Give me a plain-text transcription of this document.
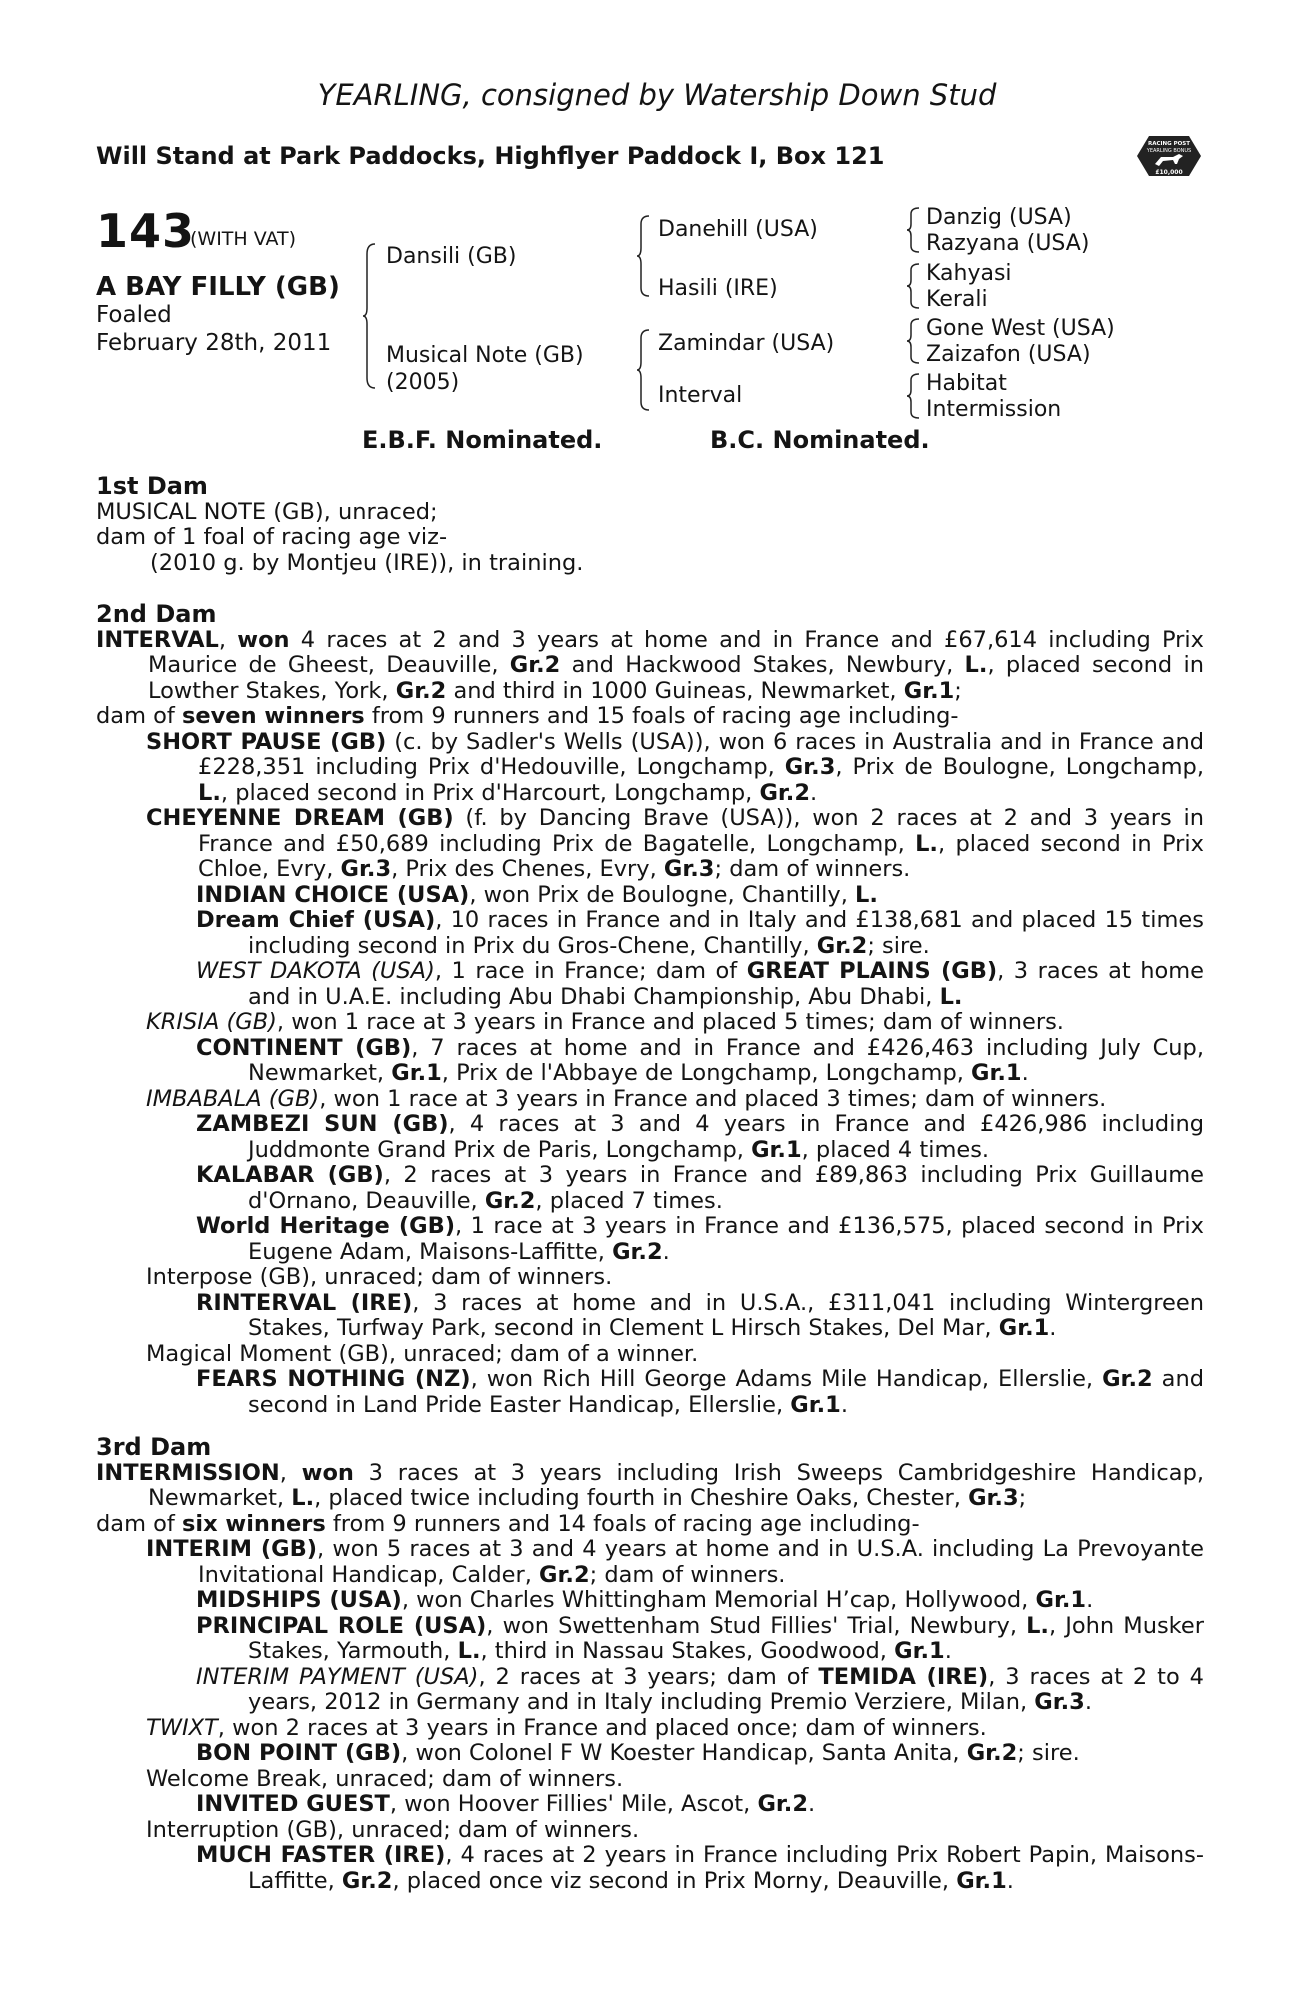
YEARLING, consigned by Watership Down Stud
Will Stand at Park Paddocks, Highflyer Paddock I, Box 121	RACING POST
YEARLING BONUS
£10,000
143
(WITH VAT)
A BAY FILLY (GB)
Foaled
February 28th, 2011
Dansili (GB)
Musical Note (GB)
(2005)
Danehill (USA)
Hasili (IRE)
Zamindar (USA)
Interval
Danzig (USA)
Razyana (USA)
Kahyasi
Kerali
Gone West (USA)
Zaizafon (USA)
Habitat
Intermission
E.B.F. Nominated.	B.C. Nominated.

1st Dam

MUSICAL NOTE (GB), unraced;

dam of 1 foal of racing age viz-

(2010 g. by Montjeu (IRE)), in training.

2nd Dam

INTERVAL, won 4 races at 2 and 3 years at home and in France and £67,614 including Prix Maurice de Gheest, Deauville, Gr.2 and Hackwood Stakes, Newbury, L., placed second in Lowther Stakes, York, Gr.2 and third in 1000 Guineas, Newmarket, Gr.1;

dam of seven winners from 9 runners and 15 foals of racing age including-

SHORT PAUSE (GB) (c. by Sadler's Wells (USA)), won 6 races in Australia and in France and £228,351 including Prix d'Hedouville, Longchamp, Gr.3, Prix de Boulogne, Longchamp, L., placed second in Prix d'Harcourt, Longchamp, Gr.2.

CHEYENNE DREAM (GB) (f. by Dancing Brave (USA)), won 2 races at 2 and 3 years in France and £50,689 including Prix de Bagatelle, Longchamp, L., placed second in Prix Chloe, Evry, Gr.3, Prix des Chenes, Evry, Gr.3; dam of winners.

INDIAN CHOICE (USA), won Prix de Boulogne, Chantilly, L.

Dream Chief (USA), 10 races in France and in Italy and £138,681 and placed 15 times including second in Prix du Gros-Chene, Chantilly, Gr.2; sire.

WEST DAKOTA (USA), 1 race in France; dam of GREAT PLAINS (GB), 3 races at home and in U.A.E. including Abu Dhabi Championship, Abu Dhabi, L.

KRISIA (GB), won 1 race at 3 years in France and placed 5 times; dam of winners.

CONTINENT (GB), 7 races at home and in France and £426,463 including July Cup, Newmarket, Gr.1, Prix de l'Abbaye de Longchamp, Longchamp, Gr.1.

IMBABALA (GB), won 1 race at 3 years in France and placed 3 times; dam of winners.

ZAMBEZI SUN (GB), 4 races at 3 and 4 years in France and £426,986 including Juddmonte Grand Prix de Paris, Longchamp, Gr.1, placed 4 times.

KALABAR (GB), 2 races at 3 years in France and £89,863 including Prix Guillaume d'Ornano, Deauville, Gr.2, placed 7 times.

World Heritage (GB), 1 race at 3 years in France and £136,575, placed second in Prix Eugene Adam, Maisons-Laffitte, Gr.2.

Interpose (GB), unraced; dam of winners.

RINTERVAL (IRE), 3 races at home and in U.S.A., £311,041 including Wintergreen Stakes, Turfway Park, second in Clement L Hirsch Stakes, Del Mar, Gr.1.

Magical Moment (GB), unraced; dam of a winner.

FEARS NOTHING (NZ), won Rich Hill George Adams Mile Handicap, Ellerslie, Gr.2 and second in Land Pride Easter Handicap, Ellerslie, Gr.1.

3rd Dam

INTERMISSION, won 3 races at 3 years including Irish Sweeps Cambridgeshire Handicap, Newmarket, L., placed twice including fourth in Cheshire Oaks, Chester, Gr.3;

dam of six winners from 9 runners and 14 foals of racing age including-

INTERIM (GB), won 5 races at 3 and 4 years at home and in U.S.A. including La Prevoyante Invitational Handicap, Calder, Gr.2; dam of winners.

MIDSHIPS (USA), won Charles Whittingham Memorial H’cap, Hollywood, Gr.1.

PRINCIPAL ROLE (USA), won Swettenham Stud Fillies' Trial, Newbury, L., John Musker Stakes, Yarmouth, L., third in Nassau Stakes, Goodwood, Gr.1.

INTERIM PAYMENT (USA), 2 races at 3 years; dam of TEMIDA (IRE), 3 races at 2 to 4 years, 2012 in Germany and in Italy including Premio Verziere, Milan, Gr.3.

TWIXT, won 2 races at 3 years in France and placed once; dam of winners.

BON POINT (GB), won Colonel F W Koester Handicap, Santa Anita, Gr.2; sire.

Welcome Break, unraced; dam of winners.

INVITED GUEST, won Hoover Fillies' Mile, Ascot, Gr.2.

Interruption (GB), unraced; dam of winners.

MUCH FASTER (IRE), 4 races at 2 years in France including Prix Robert Papin, Maisons-Laffitte, Gr.2, placed once viz second in Prix Morny, Deauville, Gr.1.
